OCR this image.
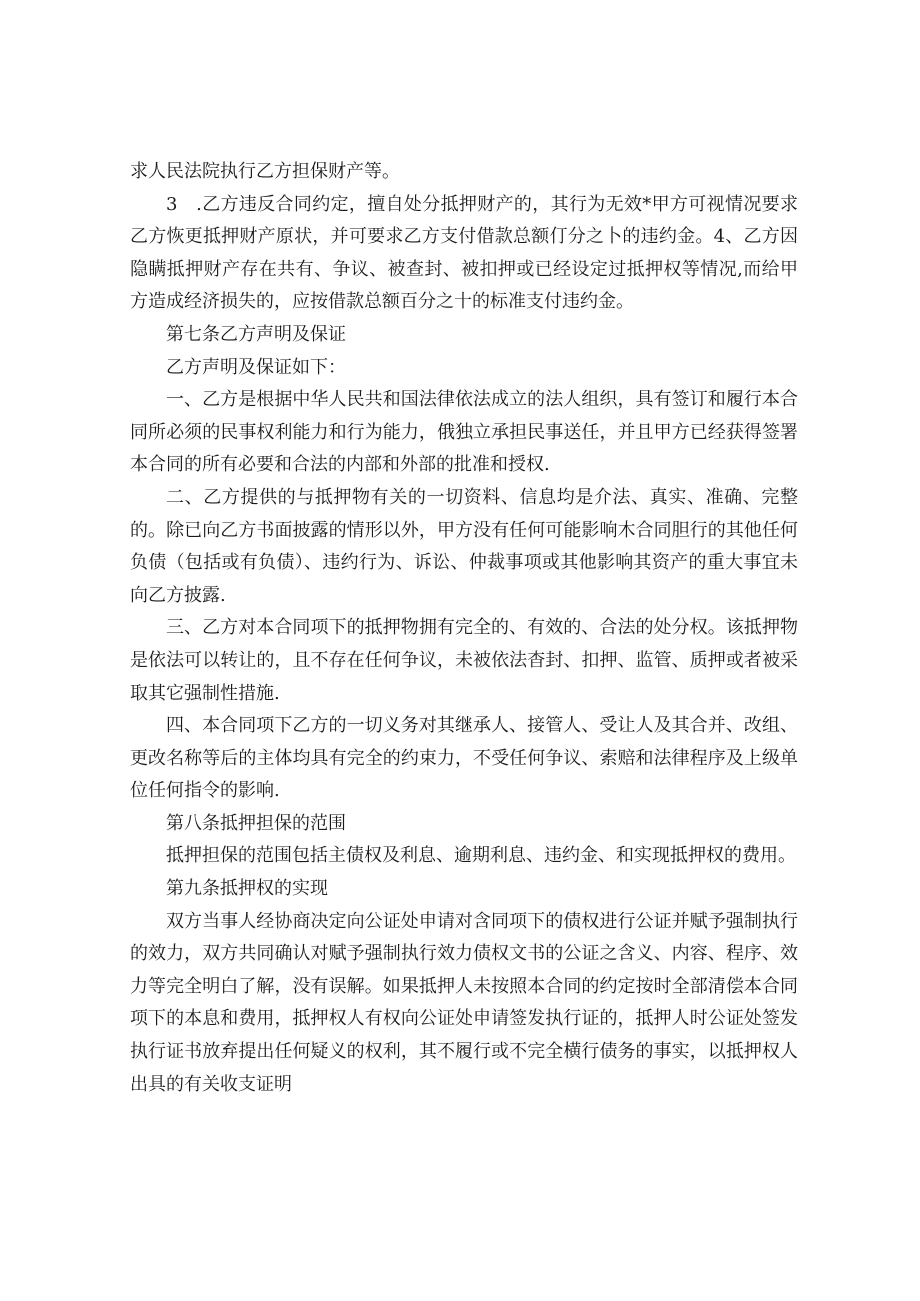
求人民法院执行乙方担保财产等。

3　.乙方违反合同约定，擅自处分抵押财产的，其行为无效*甲方可视情况要求乙方恢更抵押财产原状，并可要求乙方支付借款总额仃分之卜的违约金。4、乙方因隐瞒抵押财产存在共有、争议、被查封、被扣押或已经设定过抵押权等情况,而给甲方造成经济损失的，应按借款总额百分之十的标准支付违约金。

第七条乙方声明及保证

乙方声明及保证如下：

一、乙方是根据中华人民共和国法律依法成立的法人组织，具有签订和履行本合同所必须的民事权利能力和行为能力，俄独立承担民事送任，并且甲方已经获得签署本合同的所有必要和合法的内部和外部的批准和授权.

二、乙方提供的与抵押物有关的一切资料、信息均是介法、真实、准确、完整的。除已向乙方书面披露的情形以外，甲方没有任何可能影响木合同胆行的其他任何负债（包括或有负债）、违约行为、诉讼、仲裁事项或其他影响其资产的重大事宜未向乙方披露.

三、乙方对本合同项下的抵押物拥有完全的、有效的、合法的处分权。该抵押物是依法可以转让的，且不存在任何争议，未被依法杳封、扣押、监管、质押或者被采取其它强制性措施.

四、本合同项下乙方的一切义务对其继承人、接管人、受让人及其合并、改组、更改名称等后的主体均具有完全的约束力，不受任何争议、索赔和法律程序及上级单位任何指令的影响.

第八条抵押担保的范围

抵押担保的范围包括主债权及利息、逾期利息、违约金、和实现抵押权的费用。

第九条抵押权的实现

双方当事人经协商决定向公证处申请对含同项下的债权进行公证并赋予强制执行的效力，双方共同确认对赋予强制执行效力债权文书的公证之含义、内容、程序、效力等完全明白了解，没有误解。如果抵押人未按照本合同的约定按时全部清偿本合同项下的本息和费用，抵押权人有权向公证处申请签发执行证的，抵押人时公证处签发执行证书放弃提出任何疑义的权利，其不履行或不完全横行债务的事实，以抵押权人出具的有关收支证明
